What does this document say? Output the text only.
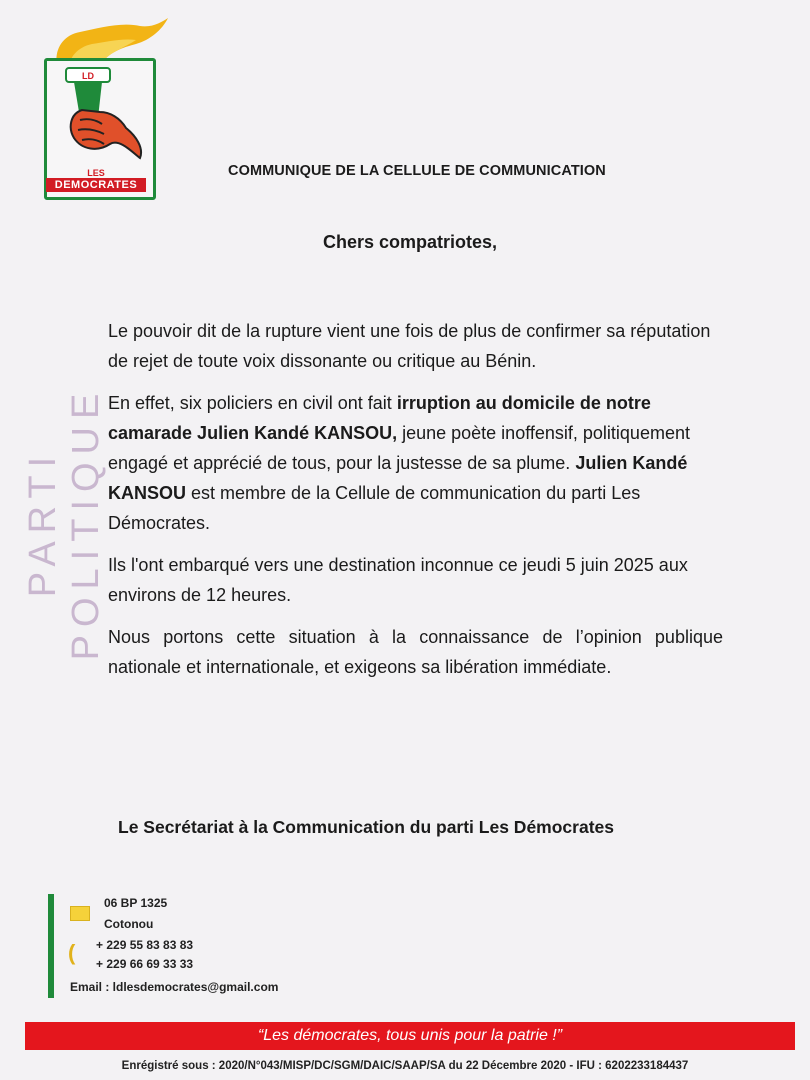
LD
LES
DEMOCRATES
PARTI POLITIQUE
COMMUNIQUE DE LA CELLULE DE COMMUNICATION
Chers compatriotes,

Le pouvoir dit de la rupture vient une fois de plus de confirmer sa réputation de rejet de toute voix dissonante ou critique au Bénin.

En effet, six policiers en civil ont fait irruption au domicile de notre camarade Julien Kandé KANSOU, jeune poète inoffensif, politiquement engagé et apprécié de tous, pour la justesse de sa plume. Julien Kandé KANSOU est membre de la Cellule de communication du parti Les Démocrates.

Ils l'ont embarqué vers une destination inconnue ce jeudi 5 juin 2025 aux environs de 12 heures.

Nous portons cette situation à la connaissance de l’opinion publique nationale et internationale, et exigeons sa libération immédiate.

Le Secrétariat à la Communication du parti Les Démocrates
(
06 BP 1325
Cotonou
+ 229 55 83 83 83
+ 229 66 69 33 33
Email : ldlesdemocrates@gmail.com
“Les démocrates, tous unis pour la patrie !”
Enrégistré sous : 2020/N°043/MISP/DC/SGM/DAIC/SAAP/SA du 22 Décembre 2020 - IFU : 6202233184437
